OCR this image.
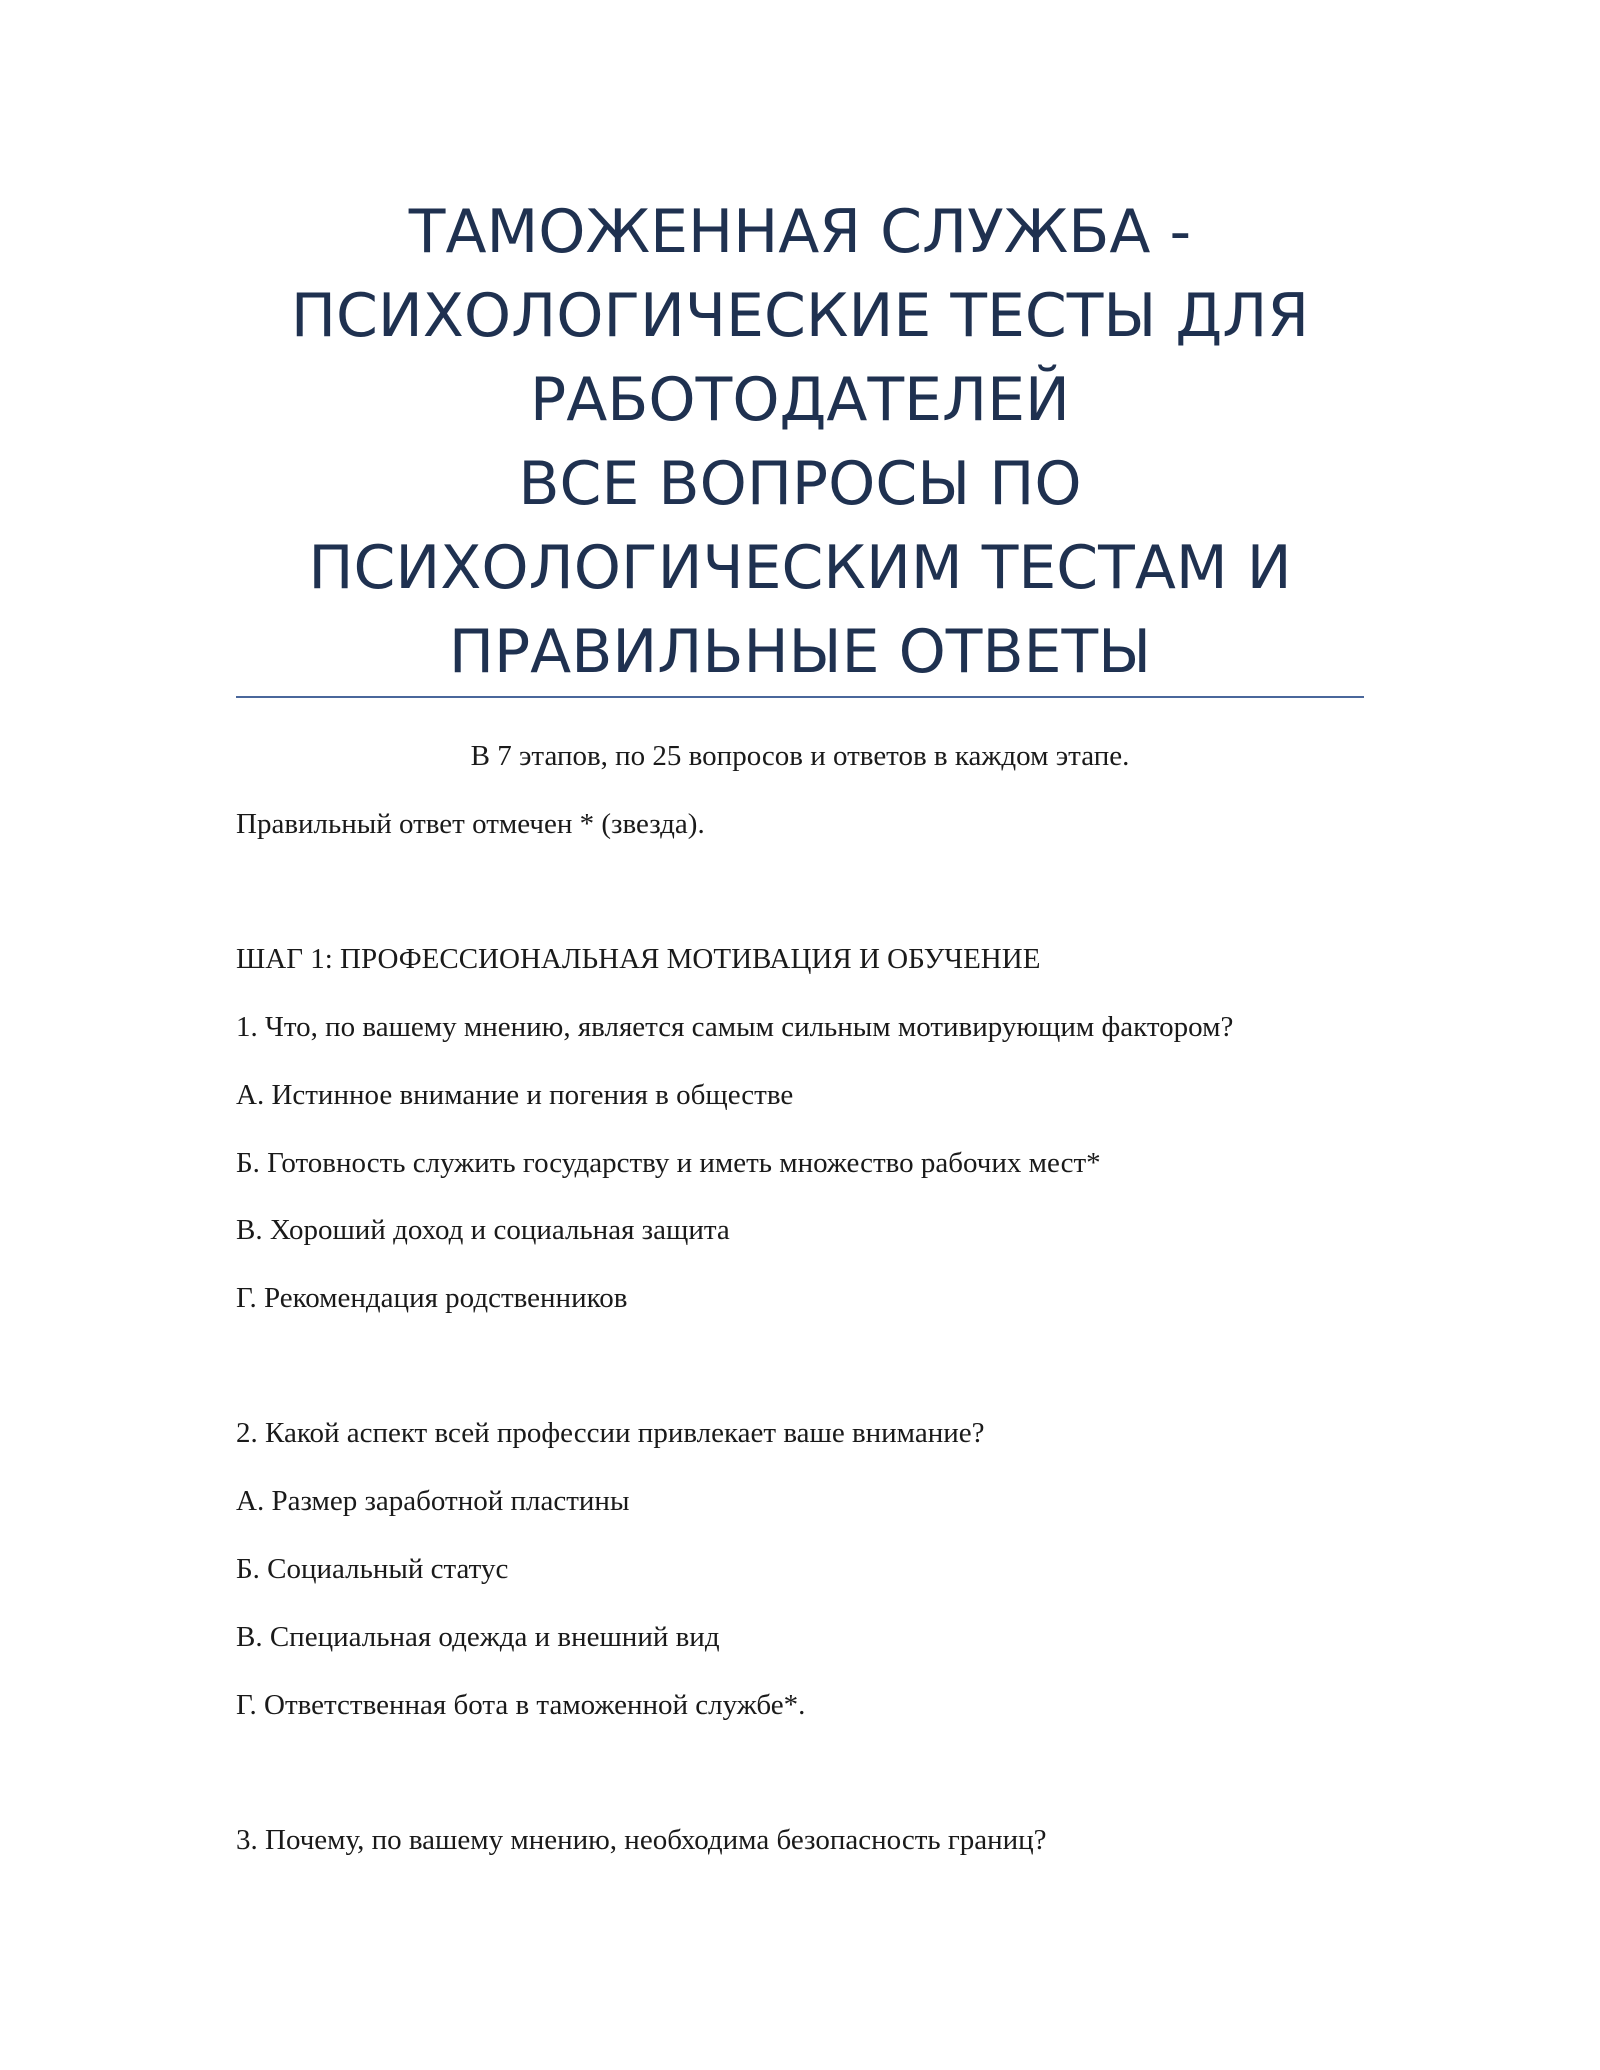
ТАМОЖЕННАЯ СЛУЖБА -
ПСИХОЛОГИЧЕСКИЕ ТЕСТЫ ДЛЯ
РАБОТОДАТЕЛЕЙ
ВСЕ ВОПРОСЫ ПО
ПСИХОЛОГИЧЕСКИМ ТЕСТАМ И
ПРАВИЛЬНЫЕ ОТВЕТЫ
В 7 этапов, по 25 вопросов и ответов в каждом этапе.
Правильный ответ отмечен * (звезда).
ШАГ 1: ПРОФЕССИОНАЛЬНАЯ МОТИВАЦИЯ И ОБУЧЕНИЕ
1. Что, по вашему мнению, является самым сильным мотивирующим фактором?
А. Истинное внимание и погения в обществе
Б. Готовность служить государству и иметь множество рабочих мест*
В. Хороший доход и социальная защита
Г. Рекомендация родственников
2. Какой аспект всей профессии привлекает ваше внимание?
А. Размер заработной пластины
Б. Социальный статус
В. Специальная одежда и внешний вид
Г. Ответственная бота в таможенной службе*.
3. Почему, по вашему мнению, необходима безопасность границ?
